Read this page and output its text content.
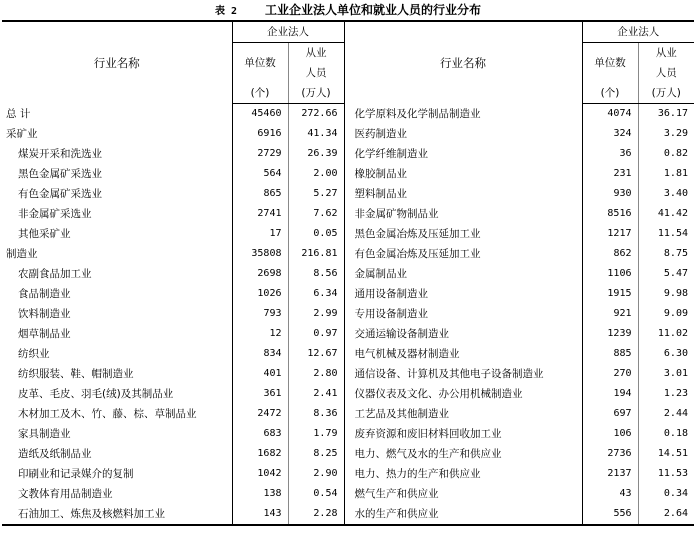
表 2 工业企业法人单位和就业人员的行业分布
行业名称	企业法人		行业名称	企业法人	
	单位数	从业		单位数	从业
		人员			人员
	(个)	(万人)		(个)	(万人)
总 计	45460	272.66	化学原料及化学制品制造业	4074	36.17
采矿业	6916	41.34	医药制造业	324	3.29
煤炭开采和洗选业	2729	26.39	化学纤维制造业	36	0.82
黑色金属矿采选业	564	2.00	橡胶制品业	231	1.81
有色金属矿采选业	865	5.27	塑料制品业	930	3.40
非金属矿采选业	2741	7.62	非金属矿物制品业	8516	41.42
其他采矿业	17	0.05	黑色金属冶炼及压延加工业	1217	11.54
制造业	35808	216.81	有色金属冶炼及压延加工业	862	8.75
农副食品加工业	2698	8.56	金属制品业	1106	5.47
食品制造业	1026	6.34	通用设备制造业	1915	9.98
饮料制造业	793	2.99	专用设备制造业	921	9.09
烟草制品业	12	0.97	交通运输设备制造业	1239	11.02
纺织业	834	12.67	电气机械及器材制造业	885	6.30
纺织服装、鞋、帽制造业	401	2.80	通信设备、计算机及其他电子设备制造业	270	3.01
皮革、毛皮、羽毛(绒)及其制品业	361	2.41	仪器仪表及文化、办公用机械制造业	194	1.23
木材加工及木、竹、藤、棕、草制品业	2472	8.36	工艺品及其他制造业	697	2.44
家具制造业	683	1.79	废弃资源和废旧材料回收加工业	106	0.18
造纸及纸制品业	1682	8.25	电力、燃气及水的生产和供应业	2736	14.51
印刷业和记录媒介的复制	1042	2.90	电力、热力的生产和供应业	2137	11.53
文教体育用品制造业	138	0.54	燃气生产和供应业	43	0.34
石油加工、炼焦及核燃料加工业	143	2.28	水的生产和供应业	556	2.64
